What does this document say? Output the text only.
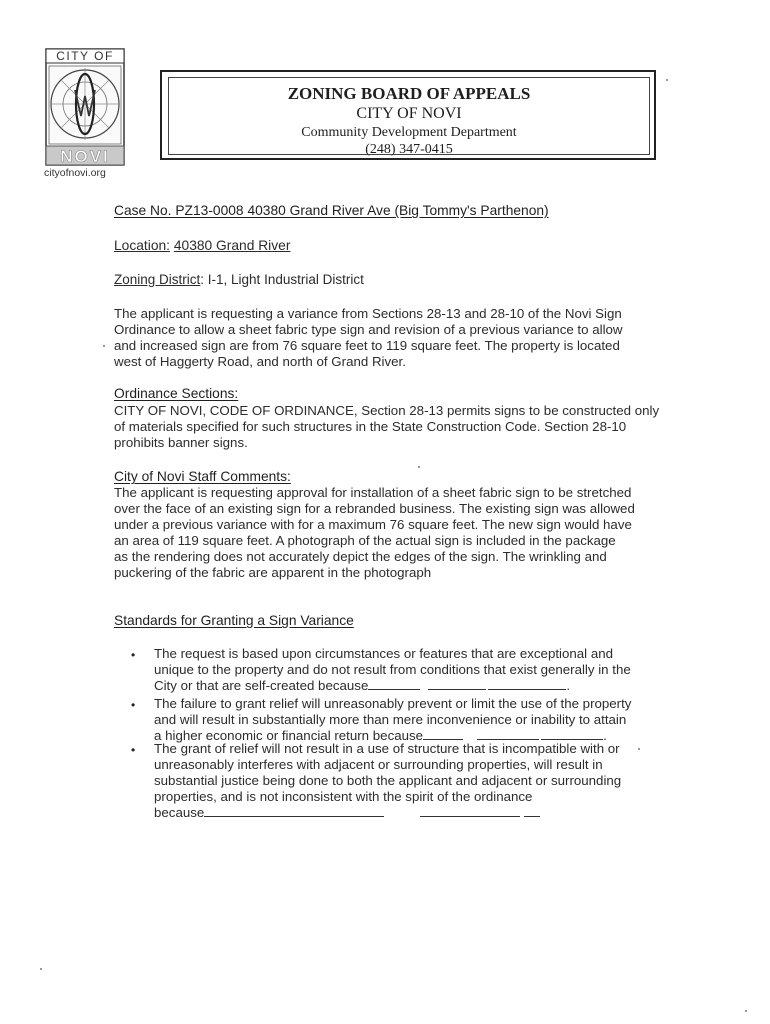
CITY OF
NOVI
cityofnovi.org
ZONING BOARD OF APPEALS
CITY OF NOVI
Community Development Department
(248) 347-0415
Case No. PZ13-0008 40380 Grand River Ave (Big Tommy's Parthenon)
Location: 40380 Grand River
Zoning District: I-1, Light Industrial District
The applicant is requesting a variance from Sections 28-13 and 28-10 of the Novi Sign
Ordinance to allow a sheet fabric type sign and revision of a previous variance to allow
and increased sign are from 76 square feet to 119 square feet. The property is located
west of Haggerty Road, and north of Grand River.
Ordinance Sections:
CITY OF NOVI, CODE OF ORDINANCE, Section 28-13 permits signs to be constructed only
of materials specified for such structures in the State Construction Code. Section 28-10
prohibits banner signs.
City of Novi Staff Comments:
The applicant is requesting approval for installation of a sheet fabric sign to be stretched
over the face of an existing sign for a rebranded business. The existing sign was allowed
under a previous variance with for a maximum 76 square feet. The new sign would have
an area of 119 square feet. A photograph of the actual sign is included in the package
as the rendering does not accurately depict the edges of the sign. The wrinkling and
puckering of the fabric are apparent in the photograph
Standards for Granting a Sign Variance
• The request is based upon circumstances or features that are exceptional and
unique to the property and do not result from conditions that exist generally in the
City or that are self-created because	.
• The failure to grant relief will unreasonably prevent or limit the use of the property
and will result in substantially more than mere inconvenience or inability to attain
a higher economic or financial return because	.
• The grant of relief will not result in a use of structure that is incompatible with or
unreasonably interferes with adjacent or surrounding properties, will result in
substantial justice being done to both the applicant and adjacent or surrounding
properties, and is not inconsistent with the spirit of the ordinance
because
